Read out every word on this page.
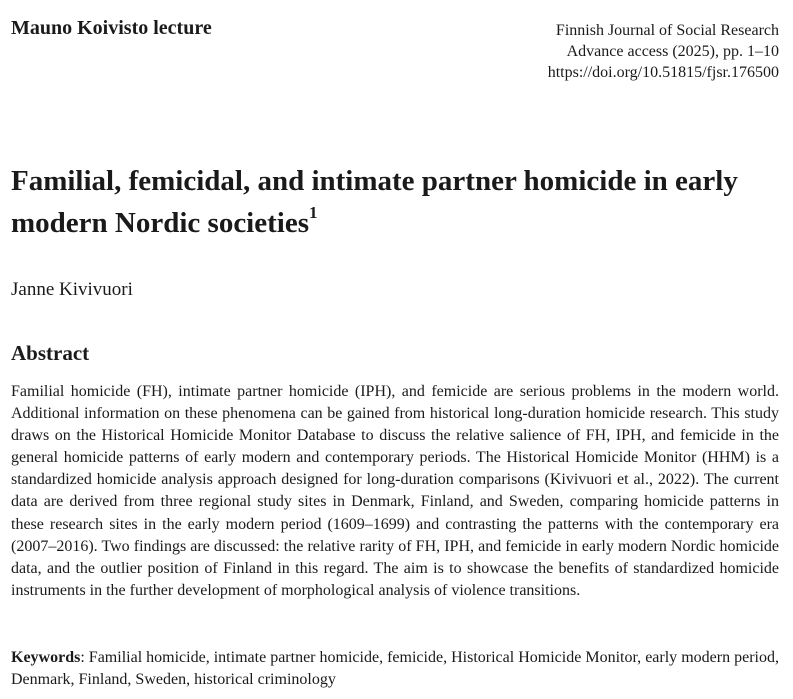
Mauno Koivisto lecture	Finnish Journal of Social Research
Advance access (2025), pp. 1–10
https://doi.org/10.51815/fjsr.176500
Familial, femicidal, and intimate partner homicide in early modern Nordic societies$^1$
Janne Kivivuori
Abstract

Familial homicide (FH), intimate partner homicide (IPH), and femicide are serious problems in the modern world. Additional information on these phenomena can be gained from historical long-duration homicide research. This study draws on the Historical Homicide Monitor Database to discuss the relative salience of FH, IPH, and femicide in the general homicide patterns of early modern and contemporary periods. The Historical Homicide Monitor (HHM) is a standardized homicide analysis approach designed for long-duration comparisons (Kivivuori et al., 2022). The current data are derived from three regional study sites in Denmark, Finland, and Sweden, comparing homicide patterns in these research sites in the early modern period (1609–1699) and contrasting the patterns with the contemporary era (2007–2016). Two findings are discussed: the relative rarity of FH, IPH, and femicide in early modern Nordic homicide data, and the outlier position of Finland in this regard. The aim is to showcase the benefits of standardized homicide instruments in the further development of morphological analysis of violence transitions.

Keywords: Familial homicide, intimate partner homicide, femicide, Historical Homicide Monitor, early modern period, Denmark, Finland, Sweden, historical criminology
